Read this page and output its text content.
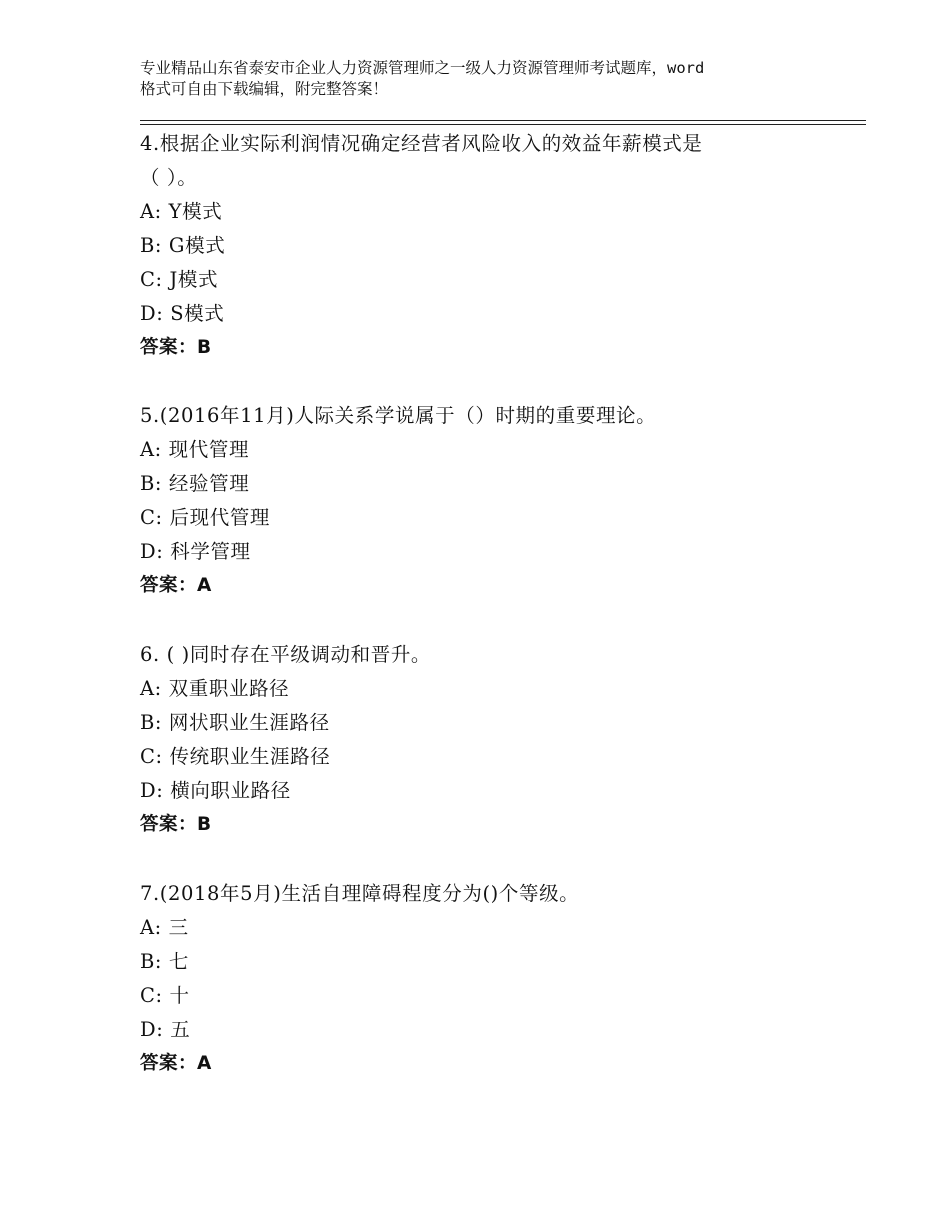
专业精品山东省泰安市企业人力资源管理师之一级人力资源管理师考试题库，word
格式可自由下载编辑，附完整答案！
4.根据企业实际利润情况确定经营者风险收入的效益年薪模式是
（ ）。
A: Y模式
B: G模式
C: J模式
D: S模式
答案：B
5.(2016年11月)人际关系学说属于（）时期的重要理论。
A: 现代管理
B: 经验管理
C: 后现代管理
D: 科学管理
答案：A
6. ( )同时存在平级调动和晋升。
A: 双重职业路径
B: 网状职业生涯路径
C: 传统职业生涯路径
D: 横向职业路径
答案：B
7.(2018年5月)生活自理障碍程度分为()个等级。
A: 三
B: 七
C: 十
D: 五
答案：A
